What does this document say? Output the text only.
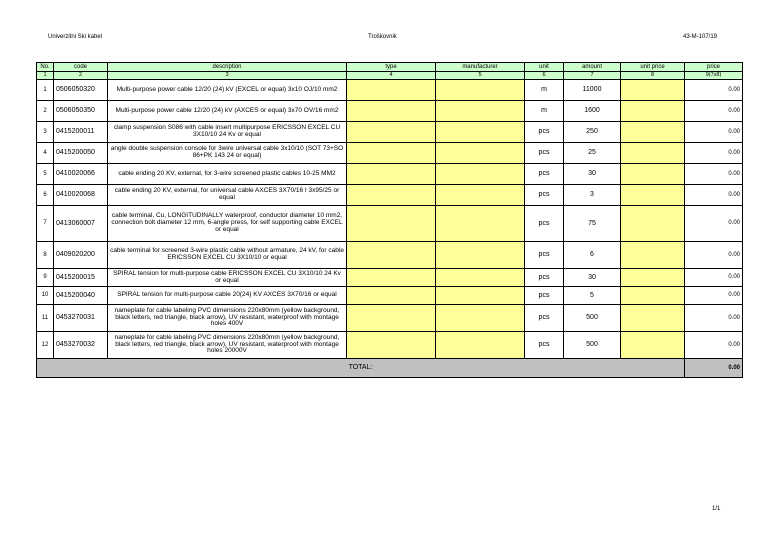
Univerzitni Ski kabel	Troškovnik	43-M-107/19
No.	code	description	type	manufacturer	unit	amount	unit price	price
1	2	3	4	5	6	7	8	9(7x8)
1	0506050320	Multi-purpose power cable 12/20 (24) kV (EXCEL or equal) 3x10 OJ/10 mm2			m	11000		0.00
2	0506050350	Multi-purpose power cable 12/20 (24) kV (AXCES or equal) 3x70 OV/16 mm2			m	1600		0.00
3	0415200011	clamp suspension S086 with cable insert multipurpose ERICSSON EXCEL CU 3X10/10 24 Kv or equal			pcs	250		0.00
4	0415200050	angle double suspension console for 3wire universal cable 3x10/10 (SOT 73+SO 86+PK 143 24 or equal)			pcs	25		0.00
5	0410020066	cable ending 20 KV, external, for 3-wire screened plastic cables 10-25 MM2			pcs	30		0.00
6	0410020068	cable ending 20 KV, external, for universal cable AXCES 3X70/16 I 3x95/25 or equal			pcs	3		0.00
7	0413060007	cable terminal, Cu, LONGITUDINALLY waterproof, conductor diameter 10 mm2, connection bolt diameter 12 mm, 6-angle press, for self supporting cable EXCEL or equal			pcs	75		0.00
8	0409020200	cable terminal for screened 3-wire plastic cable without armature, 24 kV, for cable ERICSSON EXCEL CU 3X10/10 or equal			pcs	6		0.00
9	0415200015	SPIRAL tension for multi-purpose cable ERICSSON EXCEL CU 3X10/10 24 Kv or equal			pcs	30		0.00
10	0415200040	SPIRAL tension for multi-purpose cable 20(24) KV AXCES 3X70/16 or equal			pcs	5		0.00
11	0453270031	nameplate for cable labeling PVC dimensions 220x80mm (yellow background, black letters, red triangle, black arrow), UV resistant, waterproof with montage holes 400V			pcs	500		0.00
12	0453270032	nameplate for cable labeling PVC dimensions 220x80mm (yellow background, black letters, red triangle, black arrow), UV resistant, waterproof with montage holes 20000V			pcs	500		0.00
TOTAL:								0.00
1/1
